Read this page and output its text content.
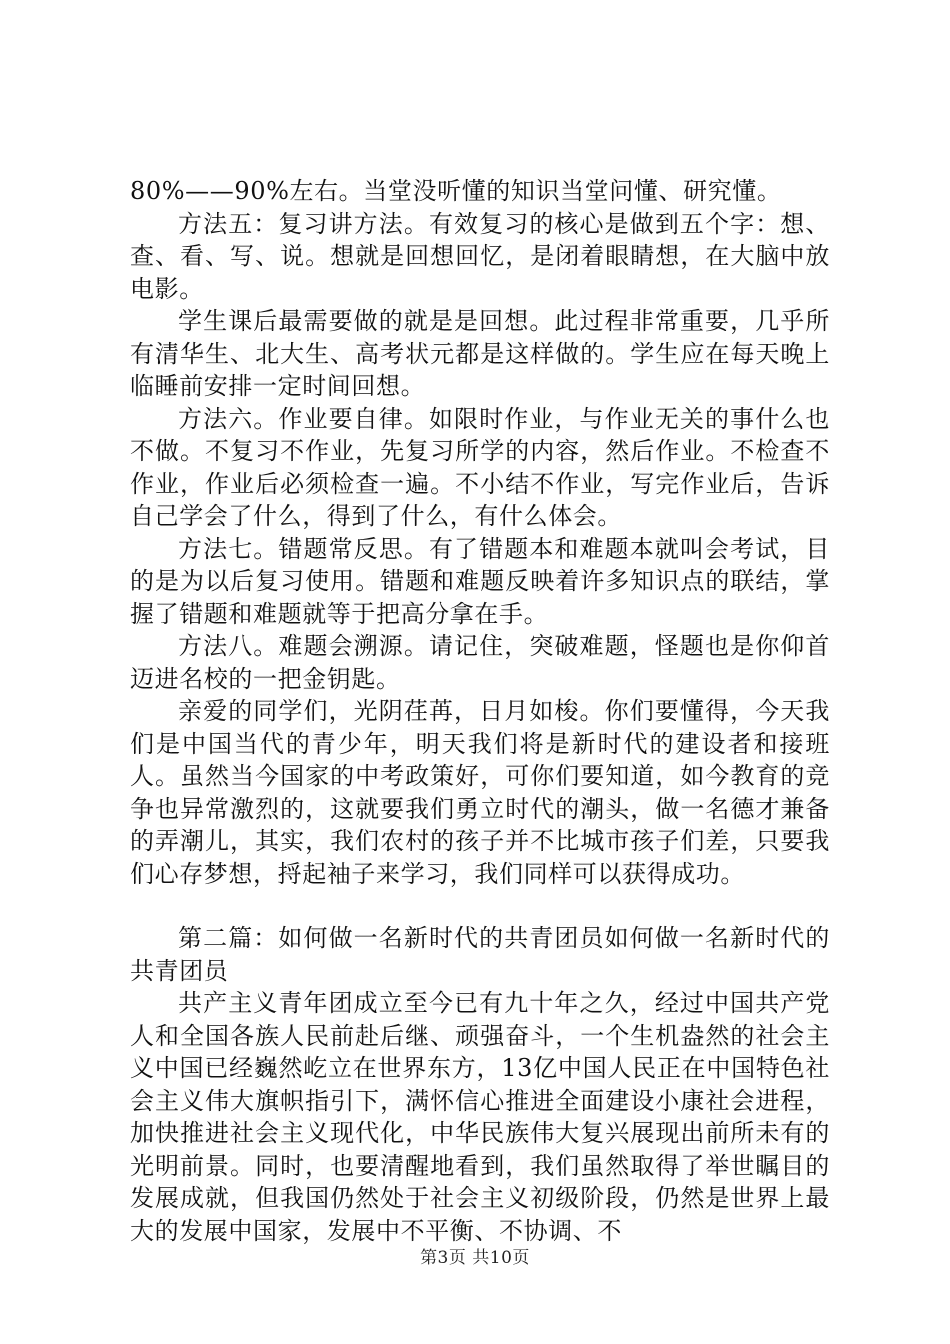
80%——90%左右。当堂没听懂的知识当堂问懂、研究懂。

方法五：复习讲方法。有效复习的核心是做到五个字：想、查、看、写、说。想就是回想回忆，是闭着眼睛想，在大脑中放电影。

学生课后最需要做的就是是回想。此过程非常重要，几乎所有清华生、北大生、高考状元都是这样做的。学生应在每天晚上临睡前安排一定时间回想。

方法六。作业要自律。如限时作业，与作业无关的事什么也不做。不复习不作业，先复习所学的内容，然后作业。不检查不作业，作业后必须检查一遍。不小结不作业，写完作业后，告诉自己学会了什么，得到了什么，有什么体会。

方法七。错题常反思。有了错题本和难题本就叫会考试，目的是为以后复习使用。错题和难题反映着许多知识点的联结，掌握了错题和难题就等于把高分拿在手。

方法八。难题会溯源。请记住，突破难题，怪题也是你仰首迈进名校的一把金钥匙。

亲爱的同学们，光阴荏苒，日月如梭。你们要懂得，今天我们是中国当代的青少年，明天我们将是新时代的建设者和接班人。虽然当今国家的中考政策好，可你们要知道，如今教育的竞争也异常激烈的，这就要我们勇立时代的潮头，做一名德才兼备的弄潮儿，其实，我们农村的孩子并不比城市孩子们差，只要我们心存梦想，捋起袖子来学习，我们同样可以获得成功。

第二篇：如何做一名新时代的共青团员如何做一名新时代的共青团员

共产主义青年团成立至今已有九十年之久，经过中国共产党人和全国各族人民前赴后继、顽强奋斗，一个生机盎然的社会主义中国已经巍然屹立在世界东方，13亿中国人民正在中国特色社会主义伟大旗帜指引下，满怀信心推进全面建设小康社会进程，加快推进社会主义现代化，中华民族伟大复兴展现出前所未有的光明前景。同时，也要清醒地看到，我们虽然取得了举世瞩目的发展成就，但我国仍然处于社会主义初级阶段，仍然是世界上最大的发展中国家，发展中不平衡、不协调、不

第3页 共10页
